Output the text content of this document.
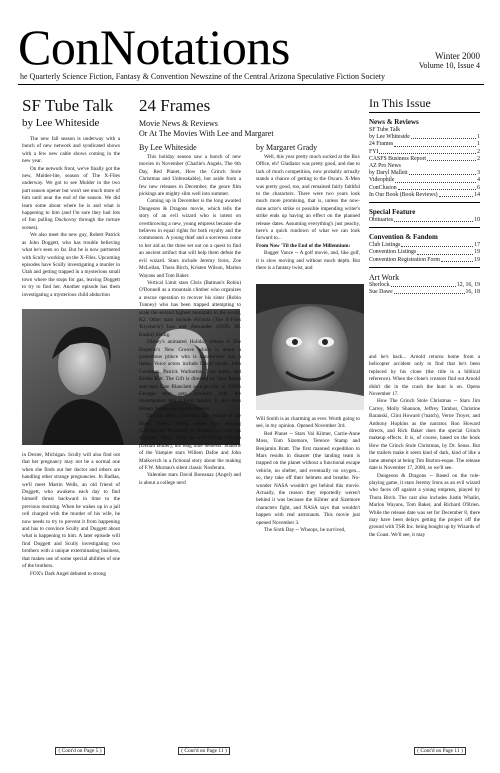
ConNotations	Winter 2000
Volume 10, Issue 4
he Quarterly Science Fiction, Fantasy & Convention Newszine of the Central Arizona Speculative Fiction Society
SF Tube Talk
by Lee Whiteside

The new fall season is underway with a bunch of new network and syndicated shows with a few new cable shows coming in the new year.

On the network front, we've finally got the new, Mulder-lite, season of The X-Files underway. We got to see Mulder in the two part season opener but won't see much more of him until near the end of the season. We did learn some about where he is and what is happening to him (and I'm sure they had lots of fun pulling Duchovny through the torture scenes).

We also meet the new guy, Robert Patrick as John Doggett, who has trouble believing what he's seen so far. But he is now partnered with Scully working on the X-Files. Upcoming episodes have Scully investigating a murder in Utah and getting trapped in a mysterious small town where the stops for gas, leaving Doggett to try to find her. Another episode has them investigating a mysterious child abduction

in Dexter, Michigan. Scully will also find out that her pregnancy may not be a normal one when she finds out her doctor and others are handling other strange pregnancies. In Badlaa, we'll meet Martin Wells, an old friend of Doggett, who awakens each day to find himself thrust backward in time to the previous morning. When he wakes up in a jail cell charged with the murder of his wife, he now needs to try to prevent it from happening and has to convince Scully and Doggett about what is happening to him. A later episode will find Doggett and Scully investigating two brothers with a unique exterminating business, that makes use of some special abilities of one of the brothers.

FOX's Dark Angel debuted to strong

( Cont'd on Page 5 )
24 Frames
Movie News & Reviews
Or At The Movies With Lee and Margaret
By Lee Whiteside	by Margaret Grady

This holiday season saw a bunch of new movies in November (Charlie's Angels, The 6th Day, Red Planet, How the Grinch Stole Christmas and Unbreakable), but aside from a few new releases in December, the genre film pickings are mighty slim well into summer.

Coming up in December is the long awaited Dungeons & Dragons movie, which tells the story of an evil wizard who is intent on overthrowing a new, young empress because she believes in equal rights for both royalty and the commoners. A young thief and a sorceress come to her aid as the three set out on a quest to find an ancient artifact that will help them defeat the evil wizard. Stars include Jeremy Irons, Zoe McLellan, Thora Birch, Kristen Wilson, Marlon Wayans and Tom Baker.

Vertical Limit stars Chris (Batman's Robin) O'Donnell as a mountain climber who organizes a rescue operation to recover his sister (Robin Tunney) who has been trapped attempting to scale the second highest mountain in the world, K2. Other stars include Nichola (The X-Files 'Krycheck') Lea and Alexander (DS9's Dr. Bashir) Siddig.

Disney's animated Holiday release is The Emperor's New Groove which is about a pretentious prince who is transformed into a llama. Voice actors include David Spade, John Goodman, Patrick Warburton, Tom Jones, and Eartha Kitt. The Gift is directed by Sam Raimi and stars Cate Blanchett as a psychic in 1950's Georgia who gets involved with the investigation into a local murder. It also stars Hillary Swank and Keanu Reeves.

Dracula 2000, a modern day version of the Bram Stoker novel, takes Van Helsing (Christopher Plummer) to America to save his daughter, Mary, from the evil Count Dracula (Gerard Butler), his long time nemesis. Shadow of the Vampire stars Willem Dafoe and John Malkovich in a fictional story about the making of F.W. Murnau's silent classic Nosferatu.

Valentine stars David Boreanaz (Angel) and is about a college nerd

( Cont'd on Page 11 )

Well, this year pretty much sucked at the Box Office, eh? Gladiator was pretty good, and due to lack of much competition, now probably actually stands a chance of getting to the Oscars. X-Men was pretty good, too, and remained fairly faithful to the characters. There were two years look much more promising, that is, unless the now-done actor's strike or possible impending writer's strike ends up having an effect on the planned release dates. Assuming everything's just peachy, here's a quick rundown of what we can look forward to...

From Now 'Til the End of the Millennium:

Bagger Vance -- A golf movie, and, like golf, it is slow moving and without much depth. But there is a fantasy twist, and

Will Smith is as charming as ever. Worth going to see, in my opinion. Opened November 3rd.

Red Planet -- Stars Val Kilmer, Carrie-Anne Moss, Tom Sizemore, Terence Stamp and Benjamin Bratt. The first manned expedition to Mars results in disaster (the landing team is trapped on the planet without a functional escape vehicle, no shelter, and eventually no oxygen... so, they take off their helmets and breathe. No-wonder NASA wouldn't get behind this movie. Actually, the reason they reportedly weren't behind it was because the Kilmer and Sizemore characters fight, and NASA says that wouldn't happen with real astronauts. This movie just opened November 3.

The Sixth Day -- Whoops, he survived,

In This Issue
News & Reviews
SF Tube Talk
by Lee Whiteside	1
24 Frames	1
FYI	2
CASFS Business Report	2
AZ Pro News
by Daryl Mallett	3
Videophile	4
ConClusion	6
In Our Book (Book Reviews)	14
Special Feature
Obituaries	10
Convention & Fandom
Club Listings	17
Convention Listings	19
Convention Registration Form	19
Art Work
Sherlock	12, 16, 19
Sue Dawe	16, 18

and he's back... Arnold returns home from a helicopter accident only to find that he's been replaced by his clone (the title is a biblical reference). When the clone's creators find out Arnold didn't die in the crash the hunt is on. Opens November 17.

How The Grinch Stole Christmas -- Stars Jim Carrey, Molly Shannon, Jeffrey Tambor, Christine Baranski, Clint Howard (?natch), Verne Troyer, and Anthony Hopkins as the narrator. Ron Howard directs, and Rick Baker does the special Grinch makeup effects. It is, of course, based on the book How the Grinch Stole Christmas, by Dr. Seuss. But the trailers make it seem kind of dark, kind of like a lame attempt at being Tim Burton-esque. The release date is November 17, 2000, so we'll see.

Dungeons & Dragons -- Based on the role-playing game, it stars Jeremy Irons as an evil wizard who faces off against a young empress, played by Thora Birch. The cast also includes Justin Whalin, Marlon Wayans, Tom Baker, and Richard O'Brien. While the release date was set for December 8, there may have been delays getting the project off the ground with TSR Inc. being bought up by Wizards of the Coast. We'll see, it may

( Cont'd on Page 11 )
